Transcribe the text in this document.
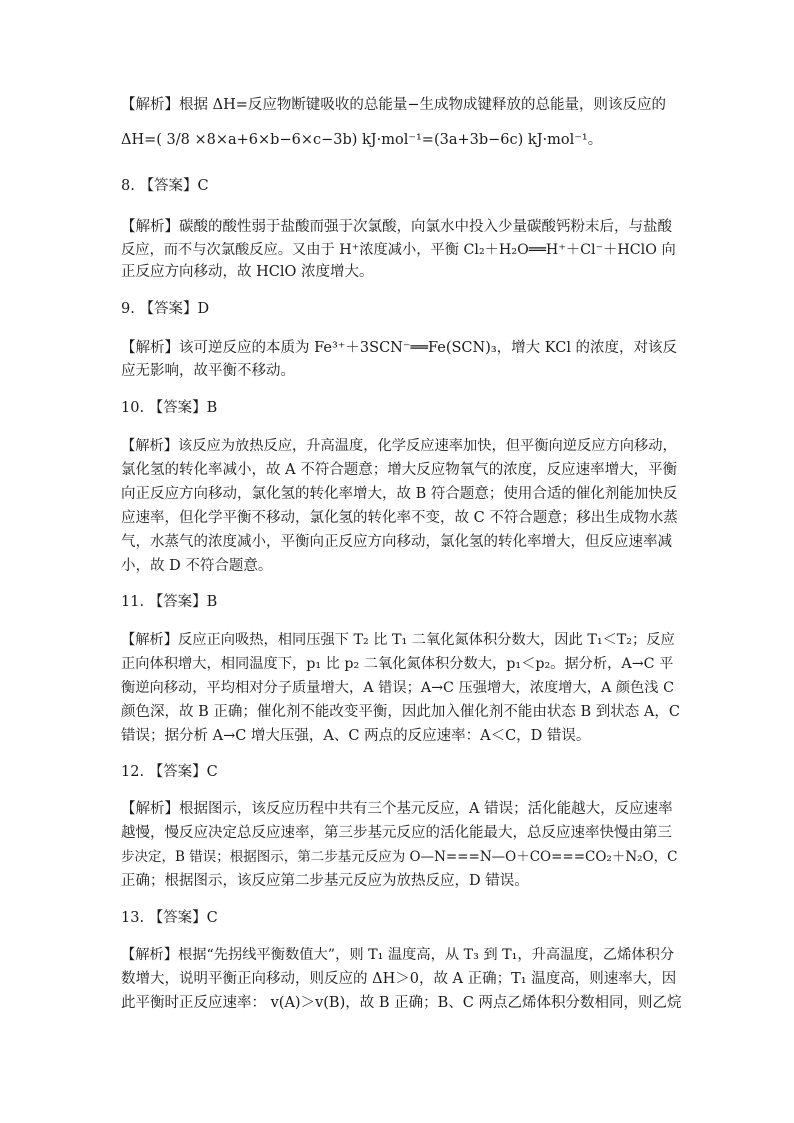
【解析】根据 ΔH=反应物断键吸收的总能量−生成物成键释放的总能量，则该反应的
ΔH=( 3/8 ×8×a+6×b−6×c−3b) kJ·mol⁻¹=(3a+3b−6c) kJ·mol⁻¹。
8. 【答案】C
【解析】碳酸的酸性弱于盐酸而强于次氯酸，向氯水中投入少量碳酸钙粉末后，与盐酸
反应，而不与次氯酸反应。又由于 H⁺浓度减小，平衡 Cl₂＋H₂O══H⁺＋Cl⁻＋HClO 向
正反应方向移动，故 HClO 浓度增大。
9. 【答案】D
【解析】该可逆反应的本质为 Fe³⁺＋3SCN⁻══Fe(SCN)₃，增大 KCl 的浓度，对该反
应无影响，故平衡不移动。
10. 【答案】B
【解析】该反应为放热反应，升高温度，化学反应速率加快，但平衡向逆反应方向移动，
氯化氢的转化率减小，故 A 不符合题意；增大反应物氧气的浓度，反应速率增大，平衡
向正反应方向移动，氯化氢的转化率增大，故 B 符合题意；使用合适的催化剂能加快反
应速率，但化学平衡不移动，氯化氢的转化率不变，故 C 不符合题意；移出生成物水蒸
气，水蒸气的浓度减小，平衡向正反应方向移动，氯化氢的转化率增大，但反应速率减
小，故 D 不符合题意。
11. 【答案】B
【解析】反应正向吸热，相同压强下 T₂ 比 T₁ 二氧化氮体积分数大，因此 T₁＜T₂；反应
正向体积增大，相同温度下，p₁ 比 p₂ 二氧化氮体积分数大，p₁＜p₂。据分析，A→C 平
衡逆向移动，平均相对分子质量增大，A 错误；A→C 压强增大，浓度增大，A 颜色浅 C
颜色深，故 B 正确；催化剂不能改变平衡，因此加入催化剂不能由状态 B 到状态 A，C
错误；据分析 A→C 增大压强，A、C 两点的反应速率：A＜C，D 错误。
12. 【答案】C
【解析】根据图示，该反应历程中共有三个基元反应，A 错误；活化能越大，反应速率
越慢，慢反应决定总反应速率，第三步基元反应的活化能最大，总反应速率快慢由第三
步决定，B 错误；根据图示，第二步基元反应为 O—N===N—O＋CO===CO₂＋N₂O，C
正确；根据图示，该反应第二步基元反应为放热反应，D 错误。
13. 【答案】C
【解析】根据“先拐线平衡数值大”，则 T₁ 温度高，从 T₃ 到 T₁，升高温度，乙烯体积分
数增大，说明平衡正向移动，则反应的 ΔH＞0，故 A 正确；T₁ 温度高，则速率大，因
此平衡时正反应速率： v(A)＞v(B)，故 B 正确；B、C 两点乙烯体积分数相同，则乙烷
